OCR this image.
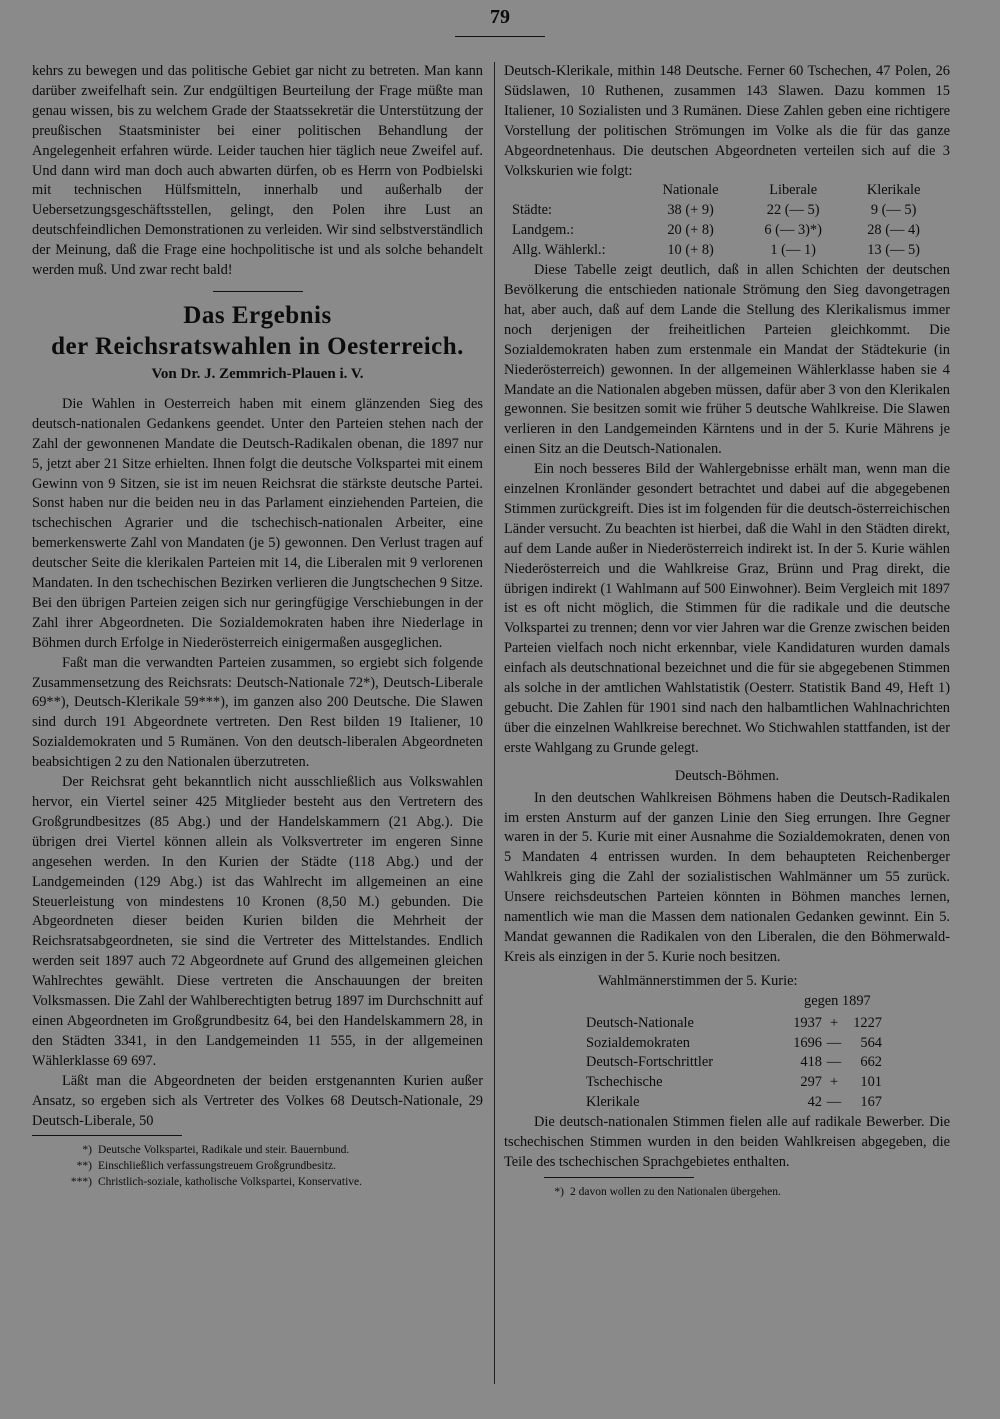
79

kehrs zu bewegen und das politische Gebiet gar nicht zu betreten. Man kann darüber zweifelhaft sein. Zur endgültigen Beurteilung der Frage müßte man genau wissen, bis zu welchem Grade der Staatssekretär die Unterstützung der preußischen Staatsminister bei einer politischen Behandlung der Angelegenheit erfahren würde. Leider tauchen hier täglich neue Zweifel auf. Und dann wird man doch auch abwarten dürfen, ob es Herrn von Podbielski mit technischen Hülfsmitteln, innerhalb und außerhalb der Uebersetzungsgeschäftsstellen, gelingt, den Polen ihre Lust an deutschfeindlichen Demonstrationen zu verleiden. Wir sind selbstverständlich der Meinung, daß die Frage eine hochpolitische ist und als solche behandelt werden muß. Und zwar recht bald!

Das Ergebnis
der Reichsratswahlen in Oesterreich.
Von Dr. J. Zemmrich-Plauen i. V.

Die Wahlen in Oesterreich haben mit einem glänzenden Sieg des deutsch-nationalen Gedankens geendet. Unter den Parteien stehen nach der Zahl der gewonnenen Mandate die Deutsch-Radikalen obenan, die 1897 nur 5, jetzt aber 21 Sitze erhielten. Ihnen folgt die deutsche Volkspartei mit einem Gewinn von 9 Sitzen, sie ist im neuen Reichsrat die stärkste deutsche Partei. Sonst haben nur die beiden neu in das Parlament einziehenden Parteien, die tschechischen Agrarier und die tschechisch-nationalen Arbeiter, eine bemerkenswerte Zahl von Mandaten (je 5) gewonnen. Den Verlust tragen auf deutscher Seite die klerikalen Parteien mit 14, die Liberalen mit 9 verlorenen Mandaten. In den tschechischen Bezirken verlieren die Jungtschechen 9 Sitze. Bei den übrigen Parteien zeigen sich nur geringfügige Verschiebungen in der Zahl ihrer Abgeordneten. Die Sozialdemokraten haben ihre Niederlage in Böhmen durch Erfolge in Niederösterreich einigermaßen ausgeglichen.

Faßt man die verwandten Parteien zusammen, so ergiebt sich folgende Zusammensetzung des Reichsrats: Deutsch-Nationale 72*), Deutsch-Liberale 69**), Deutsch-Klerikale 59***), im ganzen also 200 Deutsche. Die Slawen sind durch 191 Abgeordnete vertreten. Den Rest bilden 19 Italiener, 10 Sozialdemokraten und 5 Rumänen. Von den deutsch-liberalen Abgeordneten beabsichtigen 2 zu den Nationalen überzutreten.

Der Reichsrat geht bekanntlich nicht ausschließlich aus Volkswahlen hervor, ein Viertel seiner 425 Mitglieder besteht aus den Vertretern des Großgrundbesitzes (85 Abg.) und der Handelskammern (21 Abg.). Die übrigen drei Viertel können allein als Volksvertreter im engeren Sinne angesehen werden. In den Kurien der Städte (118 Abg.) und der Landgemeinden (129 Abg.) ist das Wahlrecht im allgemeinen an eine Steuerleistung von mindestens 10 Kronen (8,50 M.) gebunden. Die Abgeordneten dieser beiden Kurien bilden die Mehrheit der Reichsratsabgeordneten, sie sind die Vertreter des Mittelstandes. Endlich werden seit 1897 auch 72 Abgeordnete auf Grund des allgemeinen gleichen Wahlrechtes gewählt. Diese vertreten die Anschauungen der breiten Volksmassen. Die Zahl der Wahlberechtigten betrug 1897 im Durchschnitt auf einen Abgeordneten im Großgrundbesitz 64, bei den Handelskammern 28, in den Städten 3341, in den Landgemeinden 11 555, in der allgemeinen Wählerklasse 69 697.

Läßt man die Abgeordneten der beiden erstgenannten Kurien außer Ansatz, so ergeben sich als Vertreter des Volkes 68 Deutsch-Nationale, 29 Deutsch-Liberale, 50

*) Deutsche Volkspartei, Radikale und steir. Bauernbund.
**) Einschließlich verfassungstreuem Großgrundbesitz.
***) Christlich-soziale, katholische Volkspartei, Konservative.

Deutsch-Klerikale, mithin 148 Deutsche. Ferner 60 Tschechen, 47 Polen, 26 Südslawen, 10 Ruthenen, zusammen 143 Slawen. Dazu kommen 15 Italiener, 10 Sozialisten und 3 Rumänen. Diese Zahlen geben eine richtigere Vorstellung der politischen Strömungen im Volke als die für das ganze Abgeordnetenhaus. Die deutschen Abgeordneten verteilen sich auf die 3 Volkskurien wie folgt:

	Nationale	Liberale	Klerikale
Städte:	38 (+ 9)	22 (— 5)	9 (— 5)
Landgem.:	20 (+ 8)	6 (— 3)*)	28 (— 4)
Allg. Wählerkl.:	10 (+ 8)	1 (— 1)	13 (— 5)

Diese Tabelle zeigt deutlich, daß in allen Schichten der deutschen Bevölkerung die entschieden nationale Strömung den Sieg davongetragen hat, aber auch, daß auf dem Lande die Stellung des Klerikalismus immer noch derjenigen der freiheitlichen Parteien gleichkommt. Die Sozialdemokraten haben zum erstenmale ein Mandat der Städtekurie (in Niederösterreich) gewonnen. In der allgemeinen Wählerklasse haben sie 4 Mandate an die Nationalen abgeben müssen, dafür aber 3 von den Klerikalen gewonnen. Sie besitzen somit wie früher 5 deutsche Wahlkreise. Die Slawen verlieren in den Landgemeinden Kärntens und in der 5. Kurie Mährens je einen Sitz an die Deutsch-Nationalen.

Ein noch besseres Bild der Wahlergebnisse erhält man, wenn man die einzelnen Kronländer gesondert betrachtet und dabei auf die abgegebenen Stimmen zurückgreift. Dies ist im folgenden für die deutsch-österreichischen Länder versucht. Zu beachten ist hierbei, daß die Wahl in den Städten direkt, auf dem Lande außer in Niederösterreich indirekt ist. In der 5. Kurie wählen Niederösterreich und die Wahlkreise Graz, Brünn und Prag direkt, die übrigen indirekt (1 Wahlmann auf 500 Einwohner). Beim Vergleich mit 1897 ist es oft nicht möglich, die Stimmen für die radikale und die deutsche Volkspartei zu trennen; denn vor vier Jahren war die Grenze zwischen beiden Parteien vielfach noch nicht erkennbar, viele Kandidaturen wurden damals einfach als deutschnational bezeichnet und die für sie abgegebenen Stimmen als solche in der amtlichen Wahlstatistik (Oesterr. Statistik Band 49, Heft 1) gebucht. Die Zahlen für 1901 sind nach den halbamtlichen Wahlnachrichten über die einzelnen Wahlkreise berechnet. Wo Stichwahlen stattfanden, ist der erste Wahlgang zu Grunde gelegt.

Deutsch-Böhmen.

In den deutschen Wahlkreisen Böhmens haben die Deutsch-Radikalen im ersten Ansturm auf der ganzen Linie den Sieg errungen. Ihre Gegner waren in der 5. Kurie mit einer Ausnahme die Sozialdemokraten, denen von 5 Mandaten 4 entrissen wurden. In dem behaupteten Reichenberger Wahlkreis ging die Zahl der sozialistischen Wahlmänner um 55 zurück. Unsere reichsdeutschen Parteien könnten in Böhmen manches lernen, namentlich wie man die Massen dem nationalen Gedanken gewinnt. Ein 5. Mandat gewannen die Radikalen von den Liberalen, die den Böhmerwald-Kreis als einzigen in der 5. Kurie noch besitzen.

Wahlmännerstimmen der 5. Kurie:
gegen 1897
Deutsch-Nationale	1937	+	1227
Sozialdemokraten	1696	—	564
Deutsch-Fortschrittler	418	—	662
Tschechische	297	+	101
Klerikale	42	—	167

Die deutsch-nationalen Stimmen fielen alle auf radikale Bewerber. Die tschechischen Stimmen wurden in den beiden Wahlkreisen abgegeben, die Teile des tschechischen Sprachgebietes enthalten.

*) 2 davon wollen zu den Nationalen übergehen.
